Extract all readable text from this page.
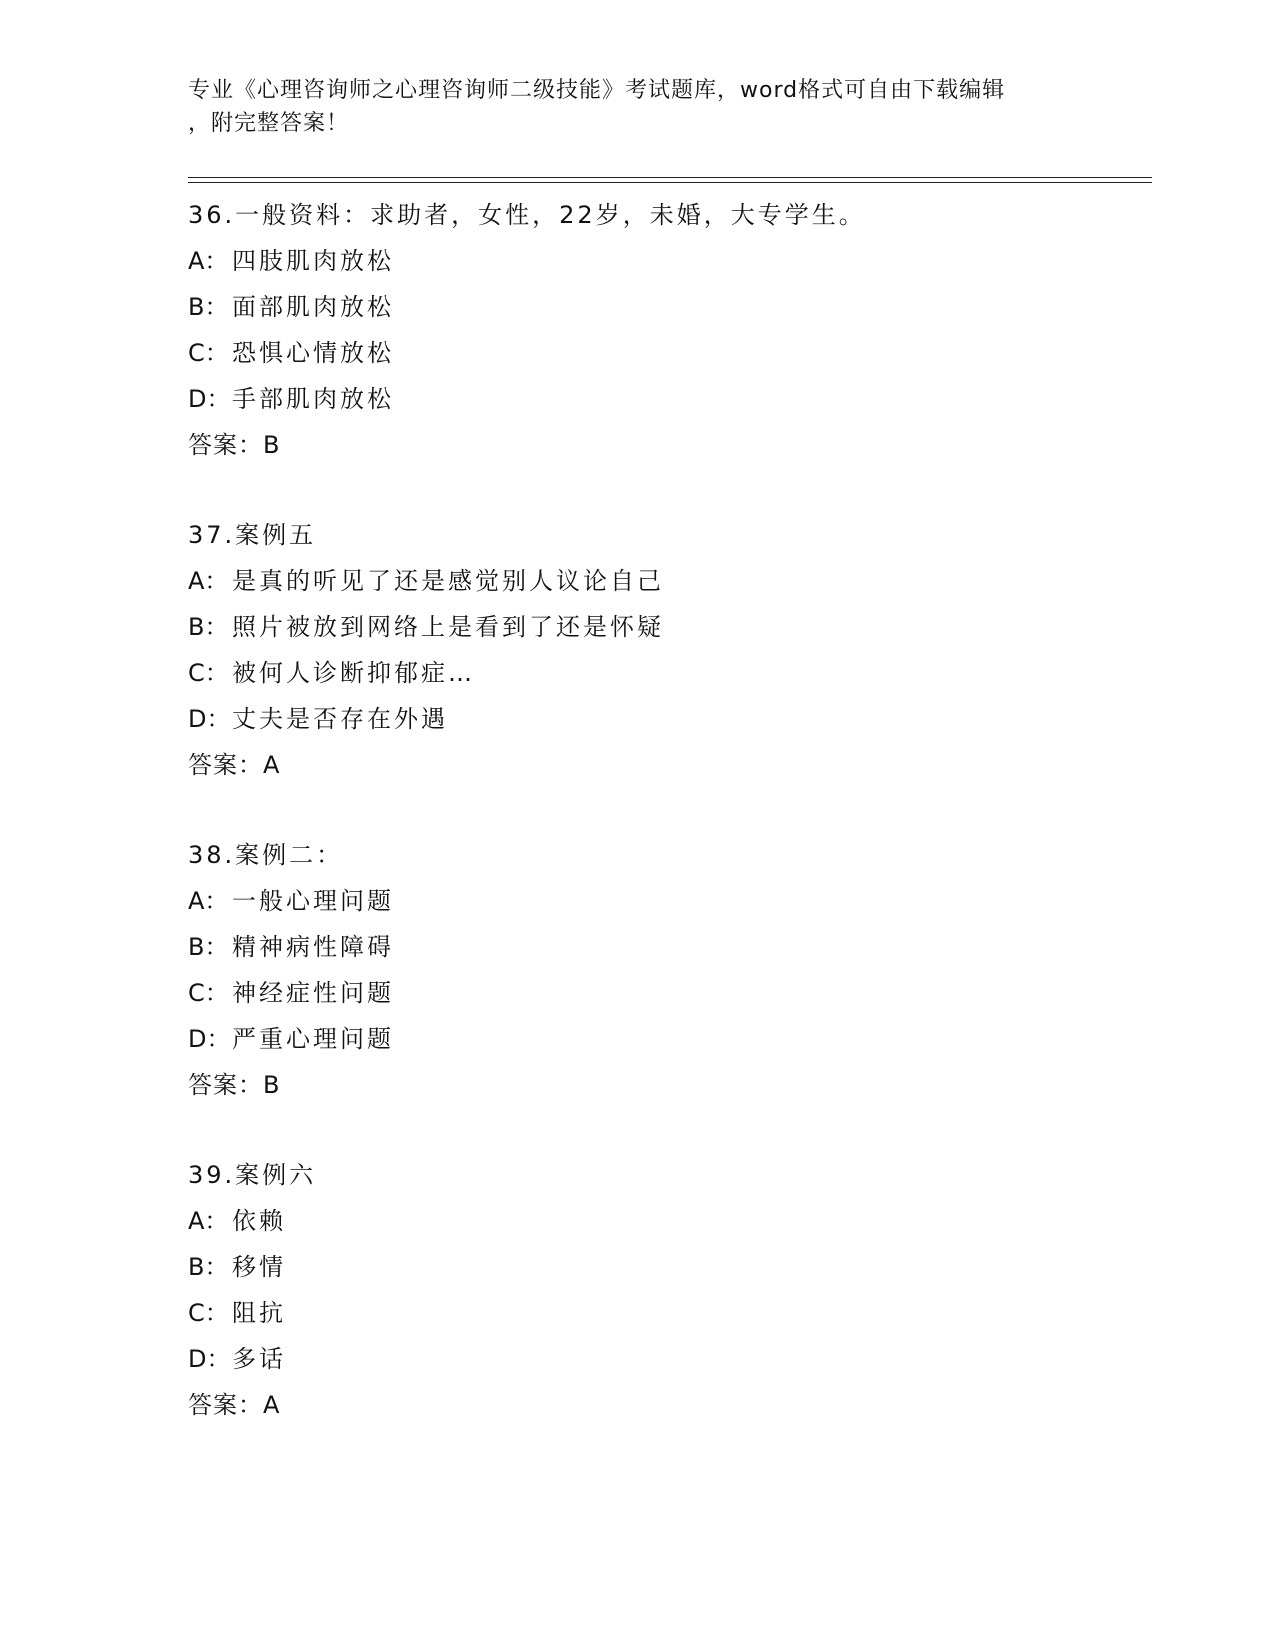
专业《心理咨询师之心理咨询师二级技能》考试题库，word格式可自由下载编辑

，附完整答案！
36.一般资料：求助者，女性，22岁，未婚，大专学生。
A： 四肢肌肉放松
B： 面部肌肉放松
C： 恐惧心情放松
D：手部肌肉放松
答案：B
37.案例五
A： 是真的听见了还是感觉别人议论自己
B： 照片被放到网络上是看到了还是怀疑
C： 被何人诊断抑郁症…
D：丈夫是否存在外遇
答案：A
38.案例二：
A： 一般心理问题
B： 精神病性障碍
C： 神经症性问题
D：严重心理问题
答案：B
39.案例六
A： 依赖
B： 移情
C： 阻抗
D：多话
答案：A
